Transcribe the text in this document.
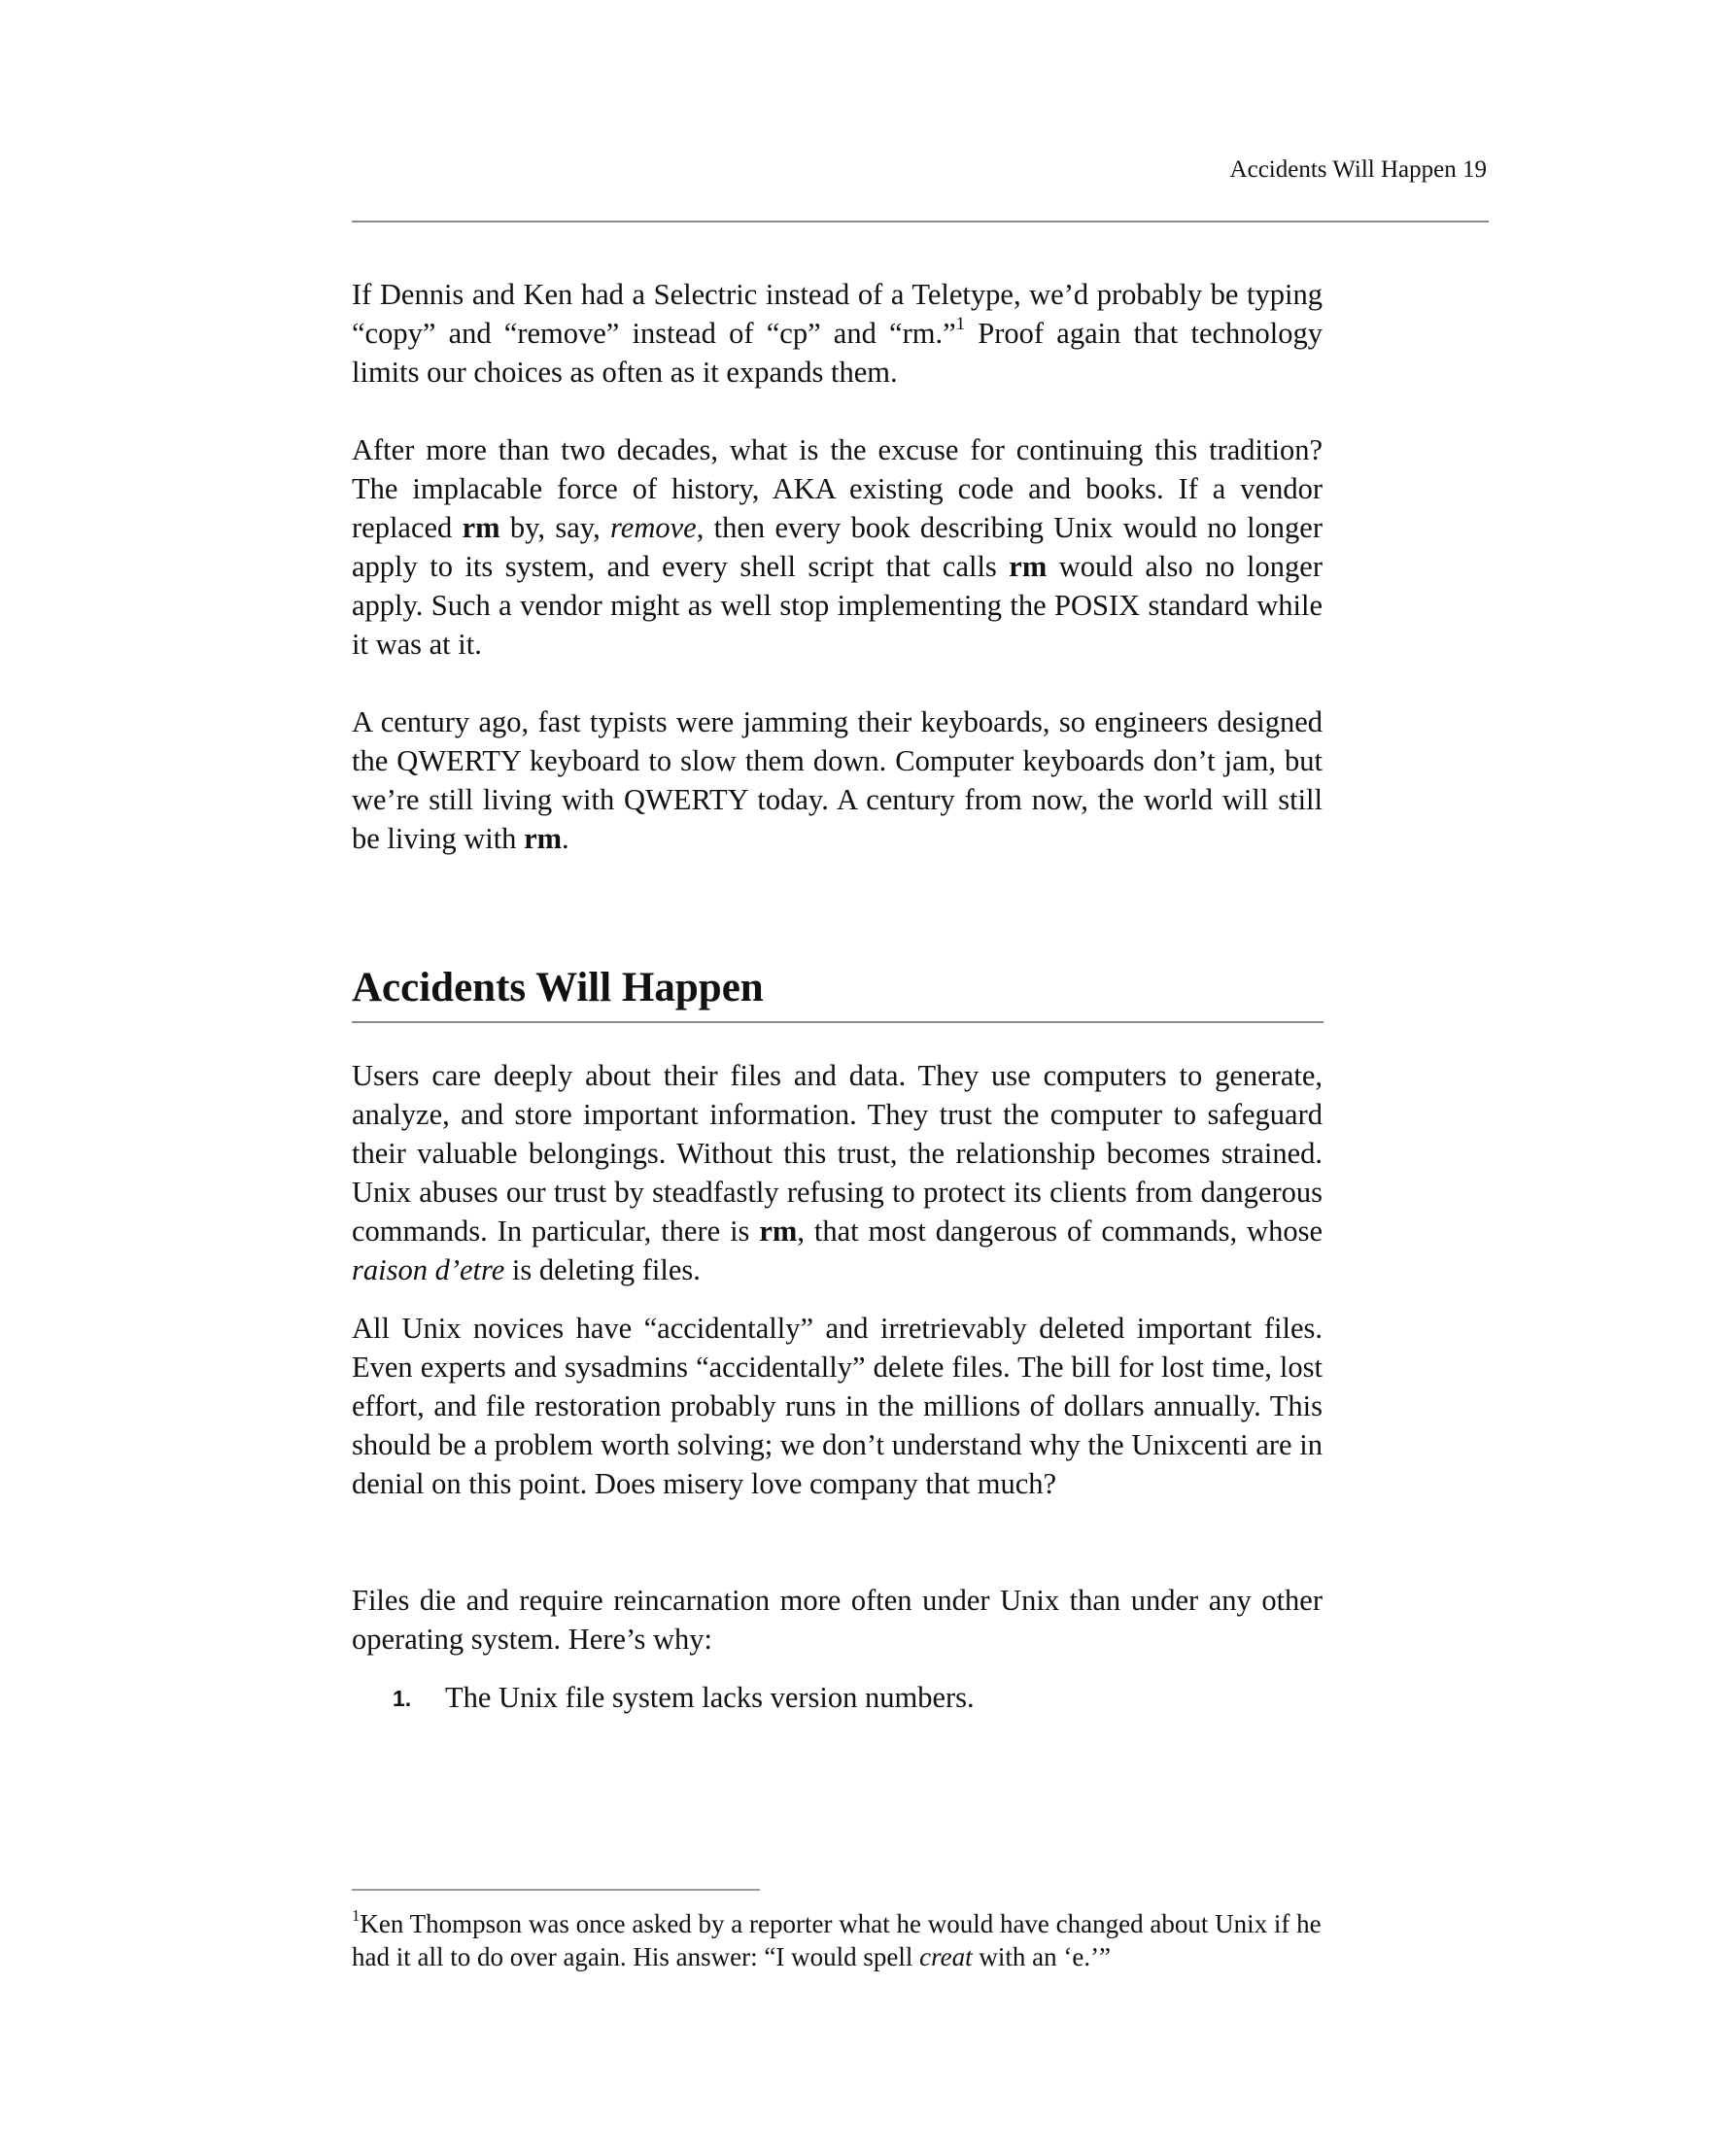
Accidents Will Happen 19

If Dennis and Ken had a Selectric instead of a Teletype, we’d probably be typing “copy” and “remove” instead of “cp” and “rm.”$^1$ Proof again that technology limits our choices as often as it expands them.

After more than two decades, what is the excuse for continuing this tradition? The implacable force of history, AKA existing code and books. If a vendor replaced rm by, say, remove, then every book describing Unix would no longer apply to its system, and every shell script that calls rm would also no longer apply. Such a vendor might as well stop implementing the POSIX standard while it was at it.

A century ago, fast typists were jamming their keyboards, so engineers designed the QWERTY keyboard to slow them down. Computer keyboards don’t jam, but we’re still living with QWERTY today. A century from now, the world will still be living with rm.

Accidents Will Happen

Users care deeply about their files and data. They use computers to generate, analyze, and store important information. They trust the computer to safeguard their valuable belongings. Without this trust, the relationship becomes strained. Unix abuses our trust by steadfastly refusing to protect its clients from dangerous commands. In particular, there is rm, that most dangerous of commands, whose raison d’etre is deleting files.

All Unix novices have “accidentally” and irretrievably deleted important files. Even experts and sysadmins “accidentally” delete files. The bill for lost time, lost effort, and file restoration probably runs in the millions of dollars annually. This should be a problem worth solving; we don’t understand why the Unixcenti are in denial on this point. Does misery love company that much?

Files die and require reincarnation more often under Unix than under any other operating system. Here’s why:

1.	The Unix file system lacks version numbers.

$^1$Ken Thompson was once asked by a reporter what he would have changed about Unix if he had it all to do over again. His answer: “I would spell creat with an ‘e.’”
